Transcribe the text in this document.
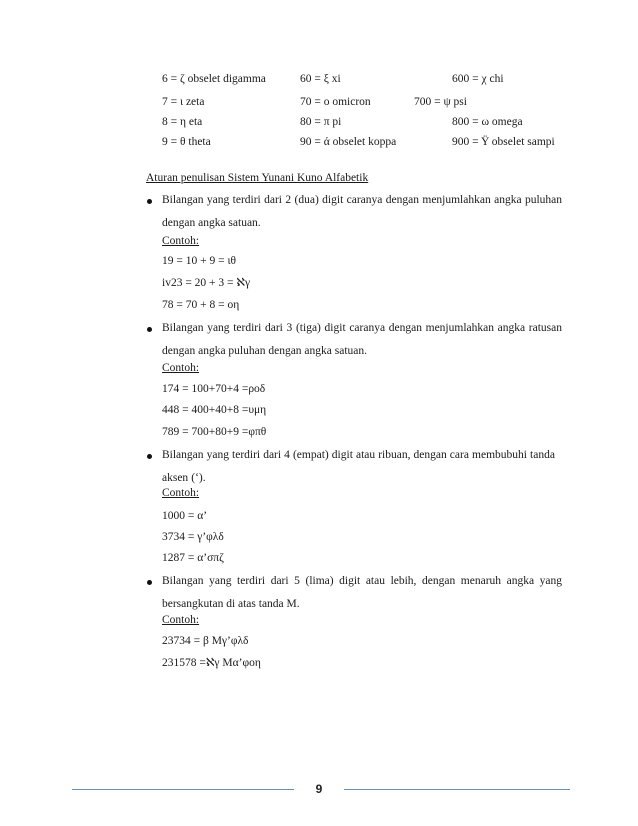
6 = ζ obselet digamma	60 = ξ xi	600 = χ chi
7 = ι zeta	70 = ο omicron	700 = ψ psi
8 = η eta	80 = π pi	800 = ω omega
9 = θ theta	90 = ά obselet koppa	900 = Ϋ obselet sampi
Aturan penulisan Sistem Yunani Kuno Alfabetik
Bilangan yang terdiri dari 2 (dua) digit caranya dengan menjumlahkan angka puluhan dengan angka satuan.
Contoh:
19 = 10 + 9 = ιθ
iv23 = 20 + 3 = ℵγ
78 = 70 + 8 = οη
Bilangan yang terdiri dari 3 (tiga) digit caranya dengan menjumlahkan angka ratusan dengan angka puluhan dengan angka satuan.
Contoh:
174 = 100+70+4 =ροδ
448 = 400+40+8 =υμη
789 = 700+80+9 =φπθ
Bilangan yang terdiri dari 4 (empat) digit atau ribuan, dengan cara membubuhi tanda aksen (‘).
Contoh:
1000 = α’
3734 = γ’φλδ
1287 = α’σπζ
Bilangan yang terdiri dari 5 (lima) digit atau lebih, dengan menaruh angka yang bersangkutan di atas tanda M.
Contoh:
23734 = β Mγ’φλδ
231578 =ℵγ Mα’φοη
9
